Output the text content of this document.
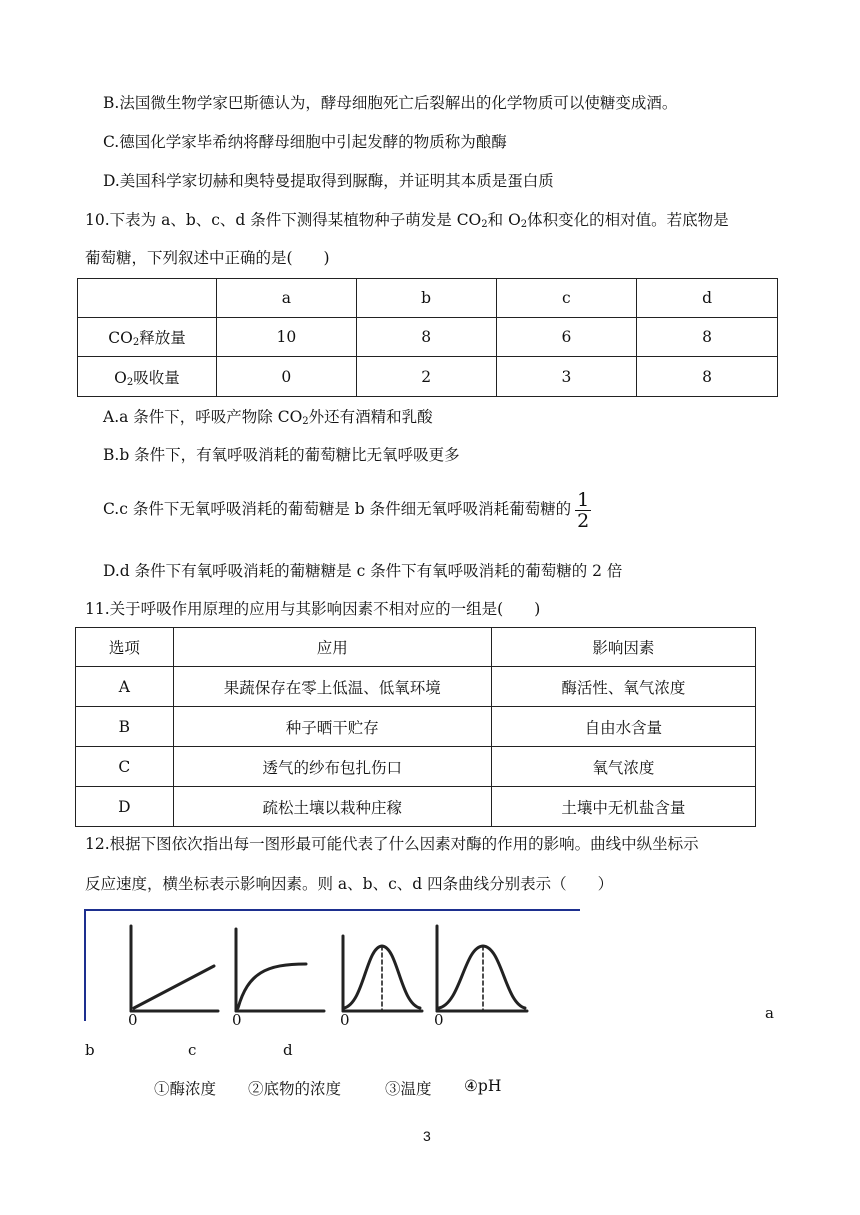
B.法国微生物学家巴斯德认为，酵母细胞死亡后裂解出的化学物质可以使糖变成酒。
C.德国化学家毕希纳将酵母细胞中引起发酵的物质称为酿酶
D.美国科学家切赫和奥特曼提取得到脲酶，并证明其本质是蛋白质
10.下表为 a、b、c、d 条件下测得某植物种子萌发是 $CO_2$和 $O_2$体积变化的相对值。若底物是
葡萄糖，下列叙述中正确的是(　　)
	a	b	c	d
$CO_2$释放量	10	8	6	8
$O_2$吸收量	0	2	3	8
A.a 条件下，呼吸产物除 $CO_2$外还有酒精和乳酸
B.b 条件下，有氧呼吸消耗的葡萄糖比无氧呼吸更多
C.c 条件下无氧呼吸消耗的葡萄糖是 b 条件细无氧呼吸消耗葡萄糖的 $\frac{1}{2}$
D.d 条件下有氧呼吸消耗的葡糖糖是 c 条件下有氧呼吸消耗的葡萄糖的 2 倍
11.关于呼吸作用原理的应用与其影响因素不相对应的一组是(　　)
选项	应用	影响因素
A	果蔬保存在零上低温、低氧环境	酶活性、氧气浓度
B	种子晒干贮存	自由水含量
C	透气的纱布包扎伤口	氧气浓度
D	疏松土壤以栽种庄稼	土壤中无机盐含量
12.根据下图依次指出每一图形最可能代表了什么因素对酶的作用的影响。曲线中纵坐标示
反应速度，横坐标表示影响因素。则 a、b、c、d 四条曲线分别表示（　　）
0	0	0	0	a
b	c	d
①酶浓度 ②底物的浓度	③温度 ④pH
3
